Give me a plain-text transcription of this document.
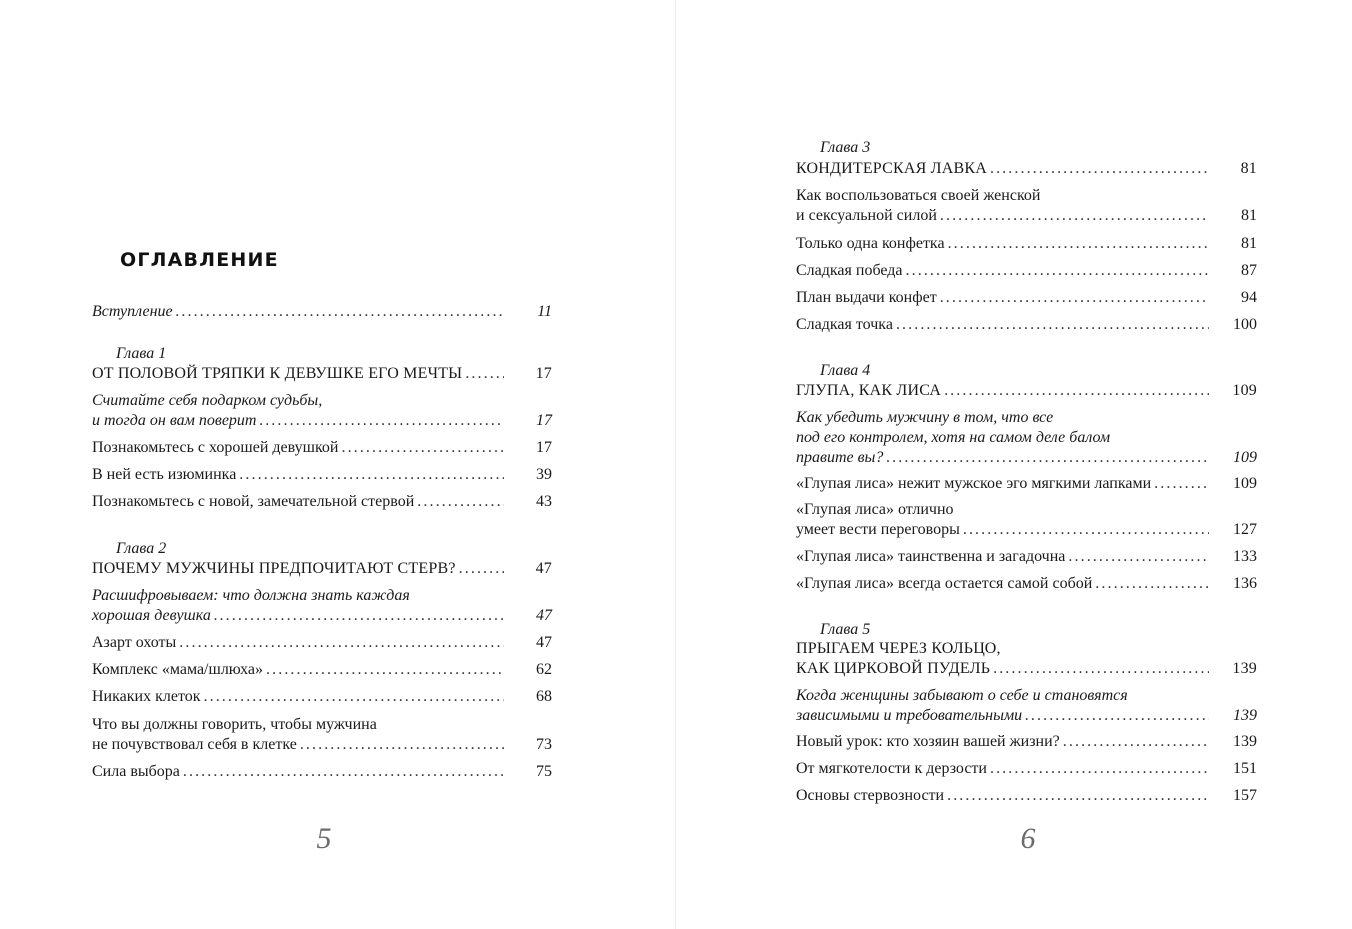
ОГЛАВЛЕНИЕ
Вступление .....	11
Глава 1
ОТ ПОЛОВОЙ ТРЯПКИ К ДЕВУШКЕ ЕГО МЕЧТЫ .....	17
Считайте себя подарком судьбы,
и тогда он вам поверит .....	17
Познакомьтесь с хорошей девушкой .....	17
В ней есть изюминка .....	39
Познакомьтесь с новой, замечательной стервой .....	43
Глава 2
ПОЧЕМУ МУЖЧИНЫ ПРЕДПОЧИТАЮТ СТЕРВ? .....	47
Расшифровываем: что должна знать каждая
хорошая девушка .....	47
Азарт охоты .....	47
Комплекс «мама/шлюха» .....	62
Никаких клеток .....	68
Что вы должны говорить, чтобы мужчина
не почувствовал себя в клетке .....	73
Сила выбора .....	75
5
Глава 3
КОНДИТЕРСКАЯ ЛАВКА .....	81
Как воспользоваться своей женской
и сексуальной силой .....	81
Только одна конфетка .....	81
Сладкая победа .....	87
План выдачи конфет .....	94
Сладкая точка .....	100
Глава 4
ГЛУПА, КАК ЛИСА .....	109
Как убедить мужчину в том, что все
под его контролем, хотя на самом деле балом
правите вы? .....	109
«Глупая лиса» нежит мужское эго мягкими лапками .....	109
«Глупая лиса» отлично
умеет вести переговоры .....	127
«Глупая лиса» таинственна и загадочна .....	133
«Глупая лиса» всегда остается самой собой .....	136
Глава 5
ПРЫГАЕМ ЧЕРЕЗ КОЛЬЦО,
КАК ЦИРКОВОЙ ПУДЕЛЬ .....	139
Когда женщины забывают о себе и становятся
зависимыми и требовательными .....	139
Новый урок: кто хозяин вашей жизни? .....	139
От мягкотелости к дерзости .....	151
Основы стервозности .....	157
6
